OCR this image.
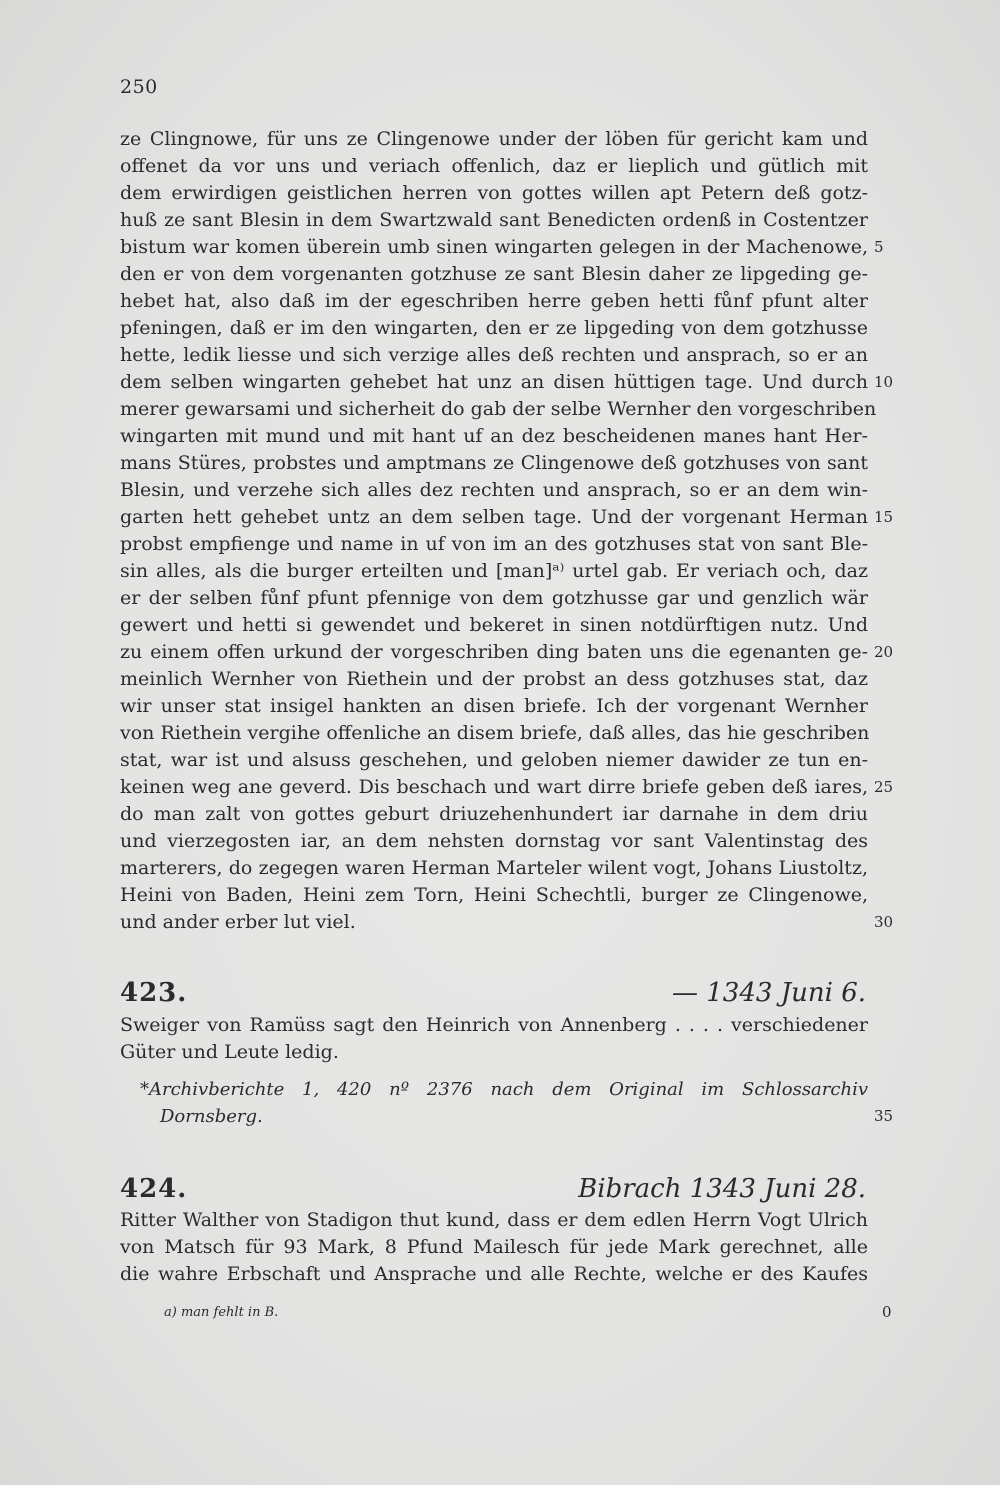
250
ze Clingnowe, für uns ze Clingenowe under der löben für gericht kam und
offenet da vor uns und veriach offenlich, daz er lieplich und gütlich mit
dem erwirdigen geistlichen herren von gottes willen apt Petern deß gotz-
huß ze sant Blesin in dem Swartzwald sant Benedicten ordenß in Costentzer
bistum war komen überein umb sinen wingarten gelegen in der Machenowe,
den er von dem vorgenanten gotzhuse ze sant Blesin daher ze lipgeding ge-
hebet hat, also daß im der egeschriben herre geben hetti fůnf pfunt alter
pfeningen, daß er im den wingarten, den er ze lipgeding von dem gotzhusse
hette, ledik liesse und sich verzige alles deß rechten und ansprach, so er an
dem selben wingarten gehebet hat unz an disen hüttigen tage. Und durch
merer gewarsami und sicherheit do gab der selbe Wernher den vorgeschriben
wingarten mit mund und mit hant uf an dez bescheidenen manes hant Her-
mans Stüres, probstes und amptmans ze Clingenowe deß gotzhuses von sant
Blesin, und verzehe sich alles dez rechten und ansprach, so er an dem win-
garten hett gehebet untz an dem selben tage. Und der vorgenant Herman
probst empfienge und name in uf von im an des gotzhuses stat von sant Ble-
sin alles, als die burger erteilten und [man]ᵃ⁾ urtel gab. Er veriach och, daz
er der selben fůnf pfunt pfennige von dem gotzhusse gar und genzlich wär
gewert und hetti si gewendet und bekeret in sinen notdürftigen nutz. Und
zu einem offen urkund der vorgeschriben ding baten uns die egenanten ge-
meinlich Wernher von Riethein und der probst an dess gotzhuses stat, daz
wir unser stat insigel hankten an disen briefe. Ich der vorgenant Wernher
von Riethein vergihe offenliche an disem briefe, daß alles, das hie geschriben
stat, war ist und alsuss geschehen, und geloben niemer dawider ze tun en-
keinen weg ane geverd. Dis beschach und wart dirre briefe geben deß iares,
do man zalt von gottes geburt driuzehenhundert iar darnahe in dem driu
und vierzegosten iar, an dem nehsten dornstag vor sant Valentinstag des
marterers, do zegegen waren Herman Marteler wilent vogt, Johans Liustoltz,
Heini von Baden, Heini zem Torn, Heini Schechtli, burger ze Clingenowe,
und ander erber lut viel.
5
10
15
20
25
30
35
423.	— 1343 Juni 6.
Sweiger von Ramüss sagt den Heinrich von Annenberg . . . . verschiedener
Güter und Leute ledig.
*Archivberichte 1, 420 nº 2376 nach dem Original im Schlossarchiv
Dornsberg.
424.	Bibrach 1343 Juni 28.
Ritter Walther von Stadigon thut kund, dass er dem edlen Herrn Vogt Ulrich
von Matsch für 93 Mark, 8 Pfund Mailesch für jede Mark gerechnet, alle
die wahre Erbschaft und Ansprache und alle Rechte, welche er des Kaufes
a) man fehlt in B.	0
